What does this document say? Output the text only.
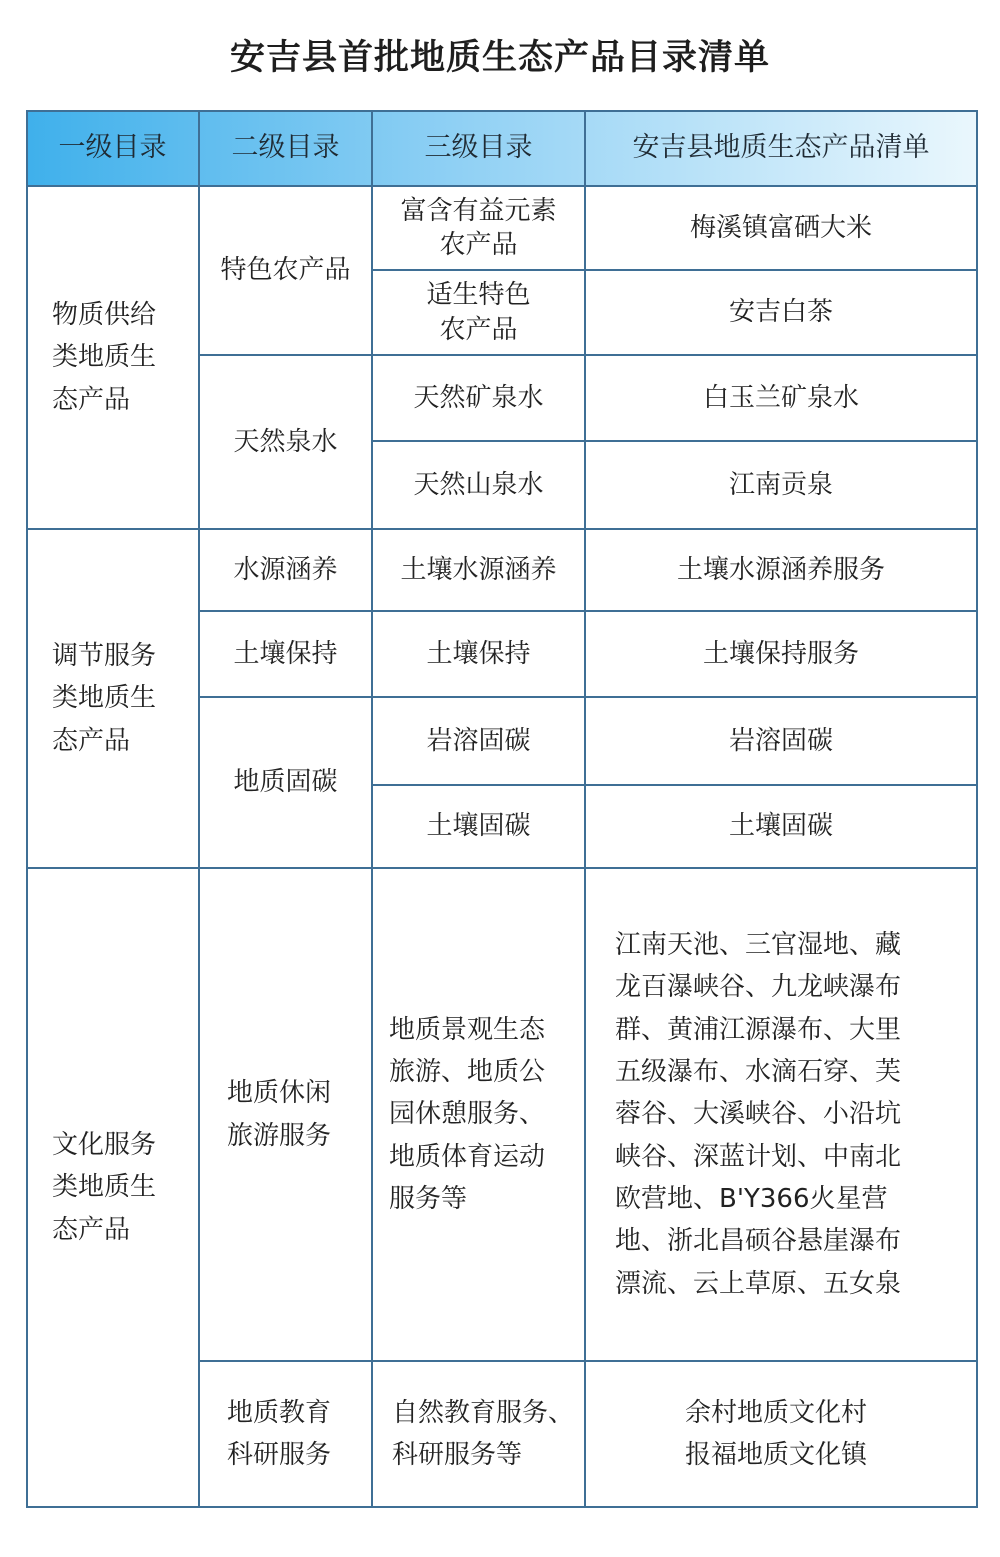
安吉县首批地质生态产品目录清单
一级目录 二级目录	三级目录	安吉县地质生态产品清单
物质供给
类地质生
态产品
调节服务
类地质生
态产品
文化服务
类地质生
态产品
特色农产品
天然泉水
水源涵养
土壤保持
地质固碳
地质休闲
旅游服务
地质教育
科研服务
富含有益元素
农产品
适生特色
农产品
天然矿泉水
天然山泉水
土壤水源涵养
土壤保持
岩溶固碳
土壤固碳
地质景观生态
旅游、地质公
园休憩服务、
地质体育运动
服务等
自然教育服务、
科研服务等
梅溪镇富硒大米
安吉白茶
白玉兰矿泉水
江南贡泉
土壤水源涵养服务
土壤保持服务
岩溶固碳
土壤固碳
江南天池、三官湿地、藏
龙百瀑峡谷、九龙峡瀑布
群、黄浦江源瀑布、大里
五级瀑布、水滴石穿、芙
蓉谷、大溪峡谷、小沿坑
峡谷、深蓝计划、中南北
欧营地、B'Y366火星营
地、浙北昌硕谷悬崖瀑布
漂流、云上草原、五女泉
余村地质文化村
报福地质文化镇
